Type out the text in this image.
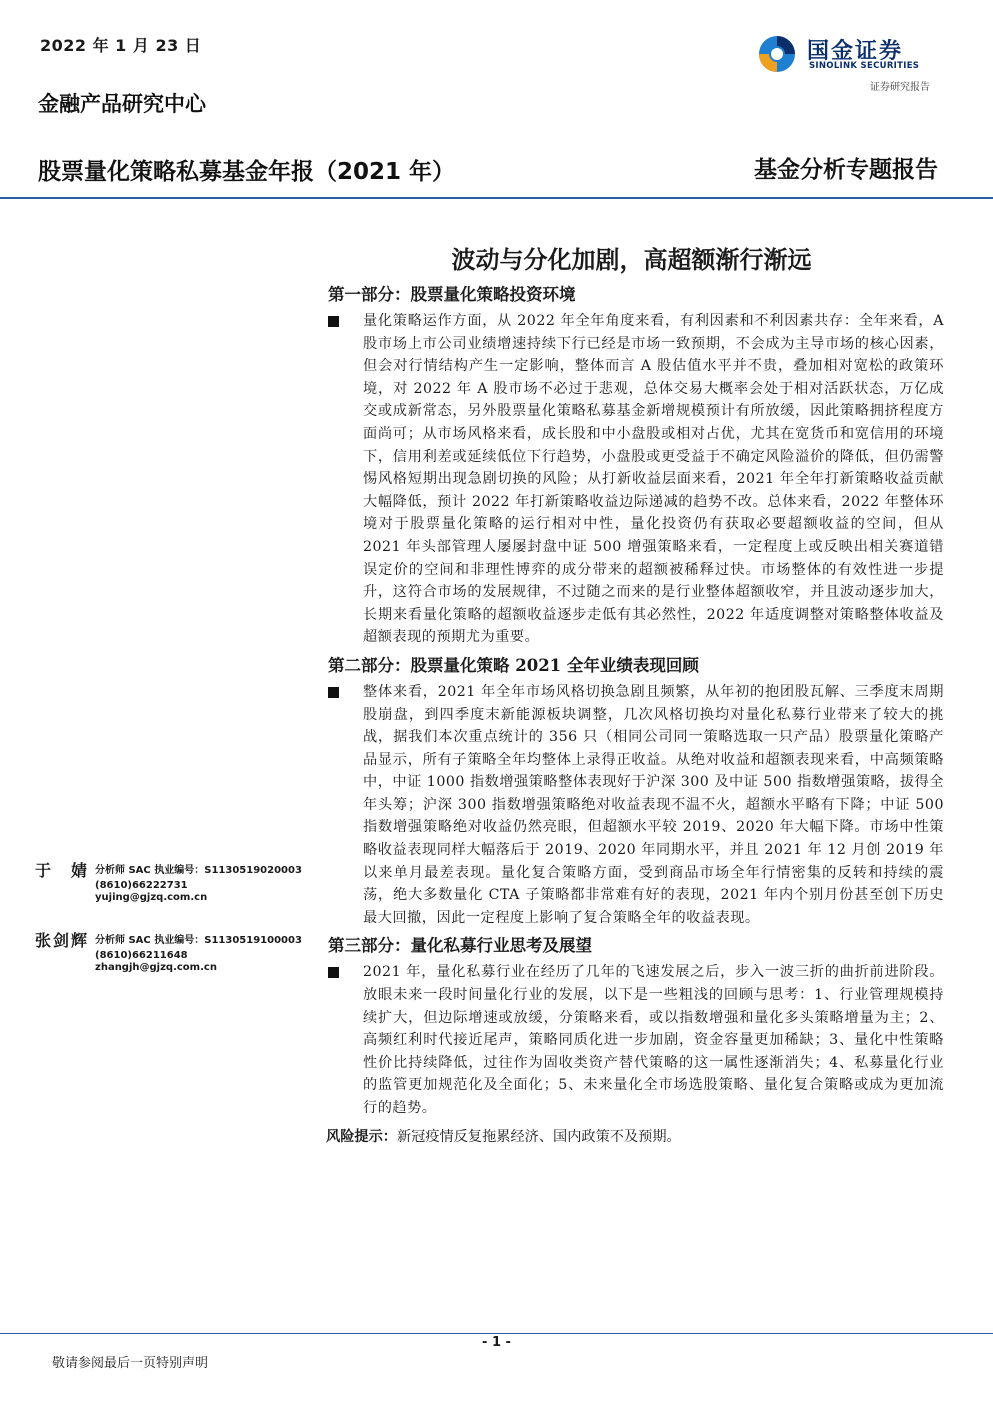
2022 年 1 月 23 日
金融产品研究中心
国金证券
SINOLINK SECURITIES
证券研究报告
股票量化策略私募基金年报（2021 年）	基金分析专题报告
波动与分化加剧，高超额渐行渐远
第一部分：股票量化策略投资环境
量化策略运作方面，从 2022 年全年角度来看，有利因素和不利因素共存：全年来看，A 股市场上市公司业绩增速持续下行已经是市场一致预期，不会成为主导市场的核心因素，但会对行情结构产生一定影响，整体而言 A 股估值水平并不贵，叠加相对宽松的政策环境，对 2022 年 A 股市场不必过于悲观，总体交易大概率会处于相对活跃状态，万亿成交或成新常态，另外股票量化策略私募基金新增规模预计有所放缓，因此策略拥挤程度方面尚可；从市场风格来看，成长股和中小盘股或相对占优，尤其在宽货币和宽信用的环境下，信用利差或延续低位下行趋势，小盘股或更受益于不确定风险溢价的降低，但仍需警惕风格短期出现急剧切换的风险；从打新收益层面来看，2021 年全年打新策略收益贡献大幅降低，预计 2022 年打新策略收益边际递减的趋势不改。总体来看，2022 年整体环境对于股票量化策略的运行相对中性，量化投资仍有获取必要超额收益的空间，但从 2021 年头部管理人屡屡封盘中证 500 增强策略来看，一定程度上或反映出相关赛道错误定价的空间和非理性博弈的成分带来的超额被稀释过快。市场整体的有效性进一步提升，这符合市场的发展规律，不过随之而来的是行业整体超额收窄，并且波动逐步加大，长期来看量化策略的超额收益逐步走低有其必然性，2022 年适度调整对策略整体收益及超额表现的预期尤为重要。
第二部分：股票量化策略 2021 全年业绩表现回顾
整体来看，2021 年全年市场风格切换急剧且频繁，从年初的抱团股瓦解、三季度末周期股崩盘，到四季度末新能源板块调整，几次风格切换均对量化私募行业带来了较大的挑战，据我们本次重点统计的 356 只（相同公司同一策略选取一只产品）股票量化策略产品显示，所有子策略全年均整体上录得正收益。从绝对收益和超额表现来看，中高频策略中，中证 1000 指数增强策略整体表现好于沪深 300 及中证 500 指数增强策略，拔得全年头筹；沪深 300 指数增强策略绝对收益表现不温不火，超额水平略有下降；中证 500 指数增强策略绝对收益仍然亮眼，但超额水平较 2019、2020 年大幅下降。市场中性策略收益表现同样大幅落后于 2019、2020 年同期水平，并且 2021 年 12 月创 2019 年以来单月最差表现。量化复合策略方面，受到商品市场全年行情密集的反转和持续的震荡，绝大多数量化 CTA 子策略都非常难有好的表现，2021 年内个别月份甚至创下历史最大回撤，因此一定程度上影响了复合策略全年的收益表现。
第三部分：量化私募行业思考及展望
2021 年，量化私募行业在经历了几年的飞速发展之后，步入一波三折的曲折前进阶段。放眼未来一段时间量化行业的发展，以下是一些粗浅的回顾与思考：1、行业管理规模持续扩大，但边际增速或放缓，分策略来看，或以指数增强和量化多头策略增量为主；2、高频红利时代接近尾声，策略同质化进一步加剧，资金容量更加稀缺；3、量化中性策略性价比持续降低，过往作为固收类资产替代策略的这一属性逐渐消失；4、私募量化行业的监管更加规范化及全面化；5、未来量化全市场选股策略、量化复合策略或成为更加流行的趋势。
风险提示：新冠疫情反复拖累经济、国内政策不及预期。
于　婧 分析师 SAC 执业编号：S1130519020003
(8610)66222731
yujing@gjzq.com.cn
张剑辉 分析师 SAC 执业编号：S1130519100003
(8610)66211648
zhangjh@gjzq.com.cn
- 1 -
敬请参阅最后一页特别声明
